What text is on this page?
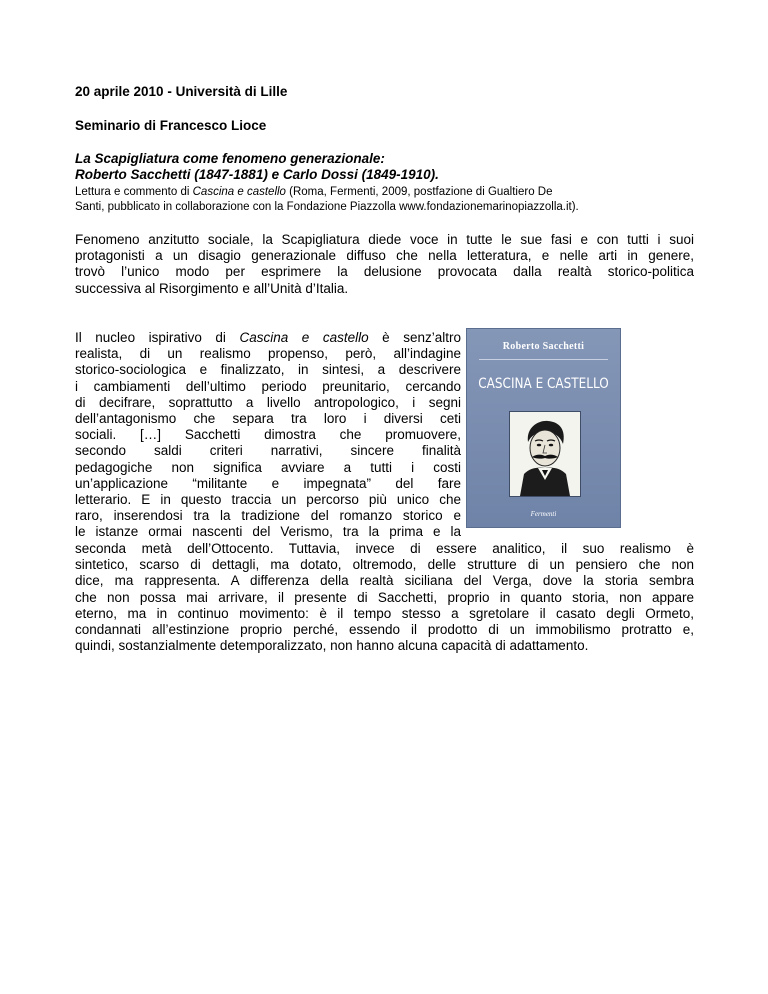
20 aprile 2010 - Università di Lille
Seminario di Francesco Lioce
La Scapigliatura come fenomeno generazionale:
Roberto Sacchetti (1847-1881) e Carlo Dossi (1849-1910).
Lettura e commento di Cascina e castello (Roma, Fermenti, 2009, postfazione di Gualtiero De
Santi, pubblicato in collaborazione con la Fondazione Piazzolla www.fondazionemarinopiazzolla.it).
Fenomeno anzitutto sociale, la Scapigliatura diede voce in tutte le sue fasi e con tutti i suoi
protagonisti a un disagio generazionale diffuso che nella letteratura, e nelle arti in genere,
trovò l’unico modo per esprimere la delusione provocata dalla realtà storico-politica
successiva al Risorgimento e all’Unità d’Italia.
Il nucleo ispirativo di Cascina e castello è senz’altro
realista, di un realismo propenso, però, all’indagine
storico-sociologica e finalizzato, in sintesi, a descrivere
i cambiamenti dell’ultimo periodo preunitario, cercando
di decifrare, soprattutto a livello antropologico, i segni
dell’antagonismo che separa tra loro i diversi ceti
sociali. […] Sacchetti dimostra che promuovere,
secondo saldi criteri narrativi, sincere finalità
pedagogiche non significa avviare a tutti i costi
un’applicazione “militante e impegnata” del fare
letterario. E in questo traccia un percorso più unico che
raro, inserendosi tra la tradizione del romanzo storico e
le istanze ormai nascenti del Verismo, tra la prima e la
seconda metà dell’Ottocento. Tuttavia, invece di essere analitico, il suo realismo è
sintetico, scarso di dettagli, ma dotato, oltremodo, delle strutture di un pensiero che non
dice, ma rappresenta. A differenza della realtà siciliana del Verga, dove la storia sembra
che non possa mai arrivare, il presente di Sacchetti, proprio in quanto storia, non appare
eterno, ma in continuo movimento: è il tempo stesso a sgretolare il casato degli Ormeto,
condannati all’estinzione proprio perché, essendo il prodotto di un immobilismo protratto e,
quindi, sostanzialmente detemporalizzato, non hanno alcuna capacità di adattamento.
Roberto Sacchetti
CASCINA E CASTELLO
Fermenti
